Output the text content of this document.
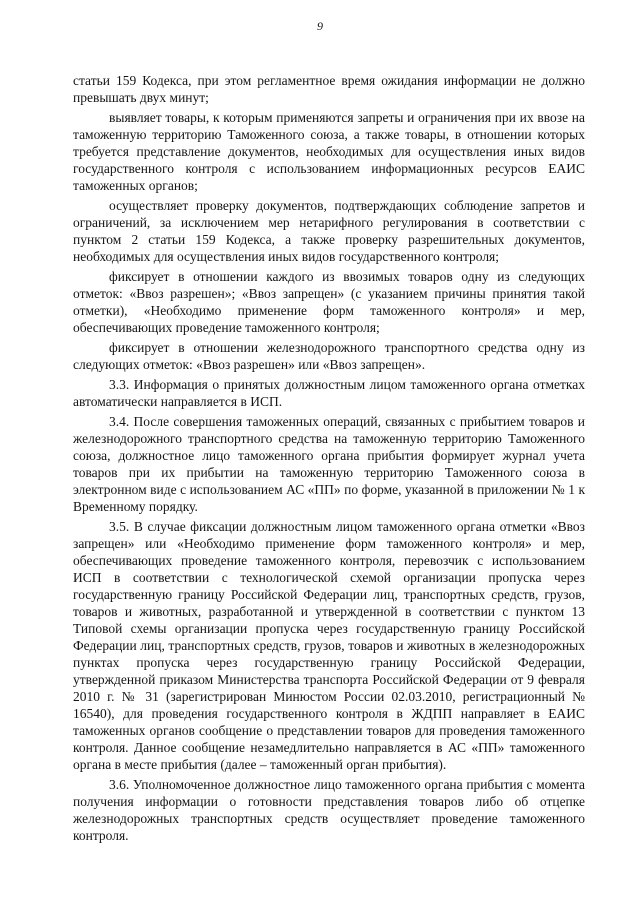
9

статьи 159 Кодекса, при этом регламентное время ожидания информации не должно превышать двух минут;

выявляет товары, к которым применяются запреты и ограничения при их ввозе на таможенную территорию Таможенного союза, а также товары, в отношении которых требуется представление документов, необходимых для осуществления иных видов государственного контроля с использованием информационных ресурсов ЕАИС таможенных органов;

осуществляет проверку документов, подтверждающих соблюдение запретов и ограничений, за исключением мер нетарифного регулирования в соответствии с пунктом 2 статьи 159 Кодекса, а также проверку разрешительных документов, необходимых для осуществления иных видов государственного контроля;

фиксирует в отношении каждого из ввозимых товаров одну из следующих отметок: «Ввоз разрешен»; «Ввоз запрещен» (с указанием причины принятия такой отметки), «Необходимо применение форм таможенного контроля» и мер, обеспечивающих проведение таможенного контроля;

фиксирует в отношении железнодорожного транспортного средства одну из следующих отметок: «Ввоз разрешен» или «Ввоз запрещен».

3.3. Информация о принятых должностным лицом таможенного органа отметках автоматически направляется в ИСП.

3.4. После совершения таможенных операций, связанных с прибытием товаров и железнодорожного транспортного средства на таможенную территорию Таможенного союза, должностное лицо таможенного органа прибытия формирует журнал учета товаров при их прибытии на таможенную территорию Таможенного союза в электронном виде с использованием АС «ПП» по форме, указанной в приложении № 1 к Временному порядку.

3.5. В случае фиксации должностным лицом таможенного органа отметки «Ввоз запрещен» или «Необходимо применение форм таможенного контроля» и мер, обеспечивающих проведение таможенного контроля, перевозчик с использованием ИСП в соответствии с технологической схемой организации пропуска через государственную границу Российской Федерации лиц, транспортных средств, грузов, товаров и животных, разработанной и утвержденной в соответствии с пунктом 13 Типовой схемы организации пропуска через государственную границу Российской Федерации лиц, транспортных средств, грузов, товаров и животных в железнодорожных пунктах пропуска через государственную границу Российской Федерации, утвержденной приказом Министерства транспорта Российской Федерации от 9 февраля 2010 г. № 31 (зарегистрирован Минюстом России 02.03.2010, регистрационный № 16540), для проведения государственного контроля в ЖДПП направляет в ЕАИС таможенных органов сообщение о представлении товаров для проведения таможенного контроля. Данное сообщение незамедлительно направляется в АС «ПП» таможенного органа в месте прибытия (далее – таможенный орган прибытия).

3.6. Уполномоченное должностное лицо таможенного органа прибытия с момента получения информации о готовности представления товаров либо об отцепке железнодорожных транспортных средств осуществляет проведение таможенного контроля.
